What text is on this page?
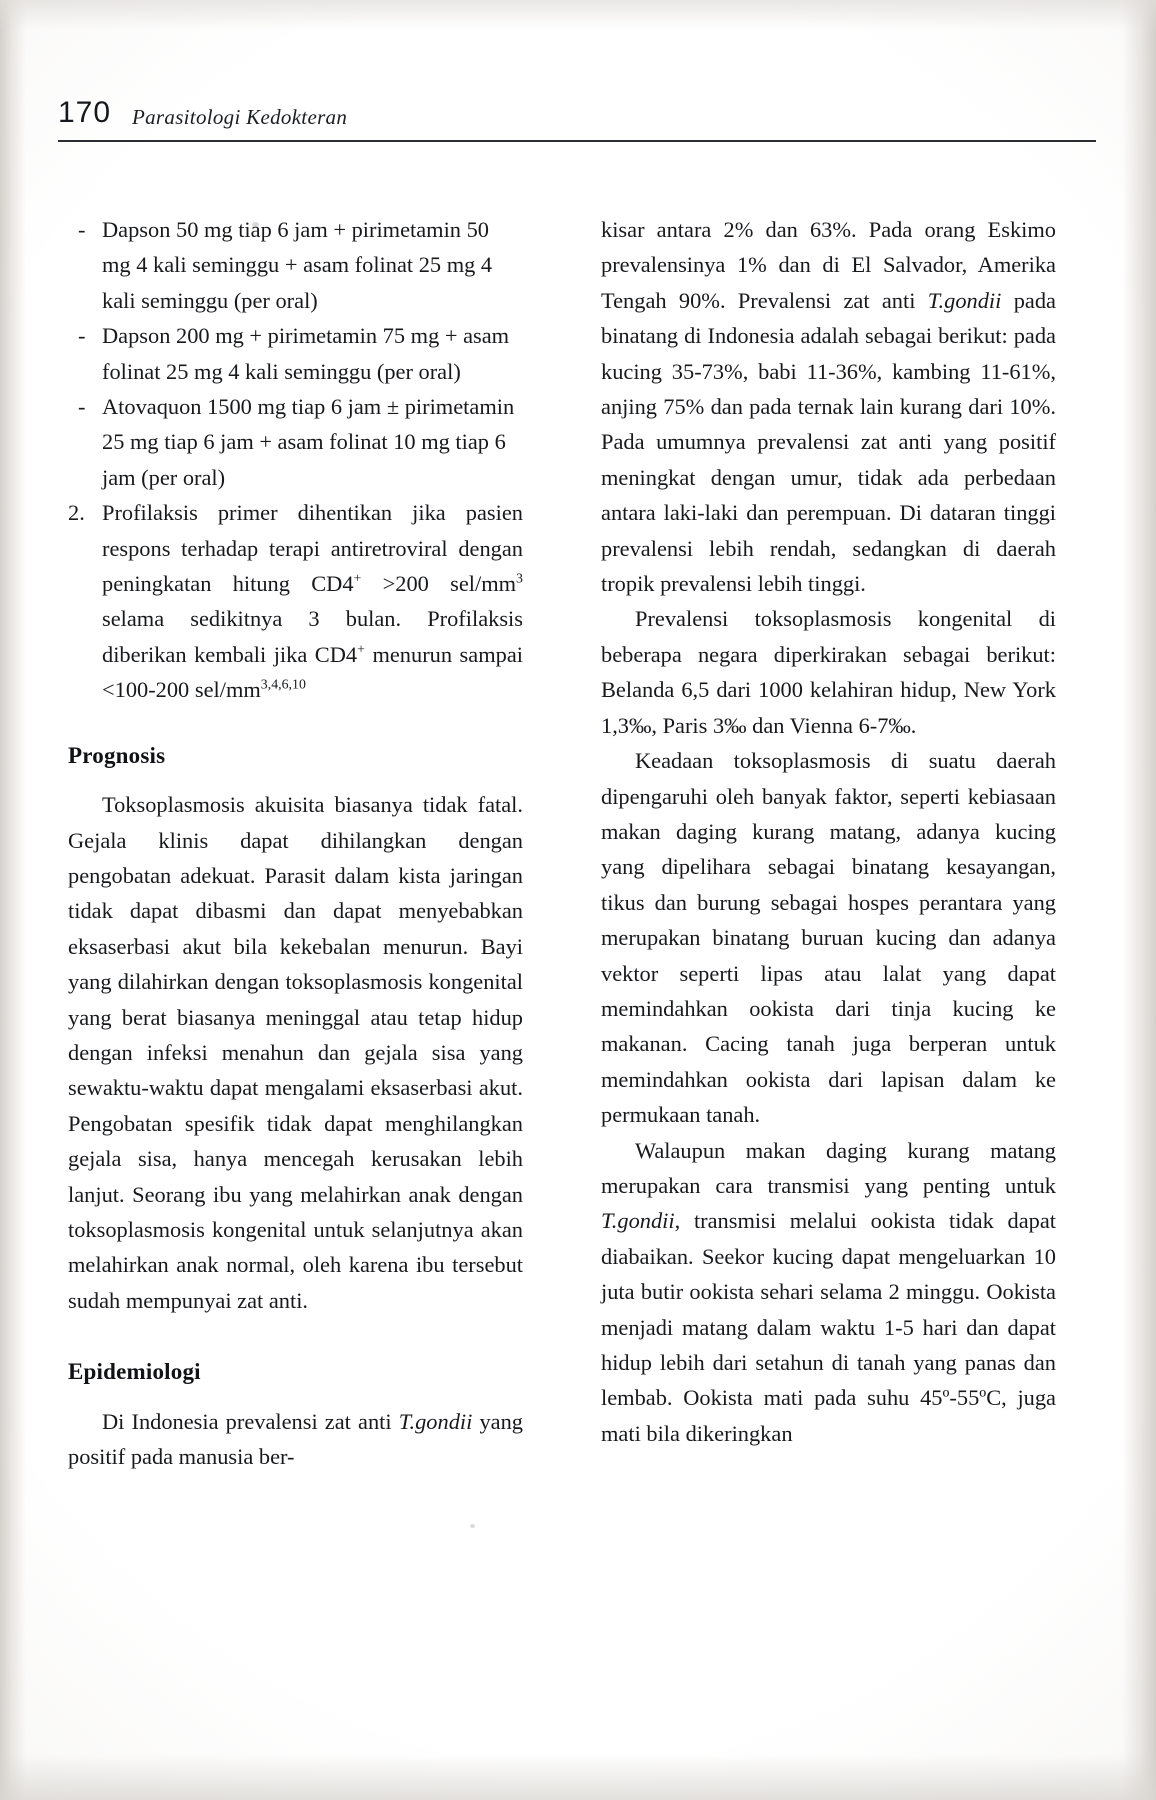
170 Parasitologi Kedokteran
- Dapson 50 mg tiap 6 jam + pirimetamin 50 mg 4 kali seminggu + asam folinat 25 mg 4 kali seminggu (per oral)
- Dapson 200 mg + pirimetamin 75 mg + asam folinat 25 mg 4 kali seminggu (per oral)
- Atovaquon 1500 mg tiap 6 jam ± pirimetamin 25 mg tiap 6 jam + asam folinat 10 mg tiap 6 jam (per oral)
2. Profilaksis primer dihentikan jika pasien respons terhadap terapi antiretroviral dengan peningkatan hitung CD4+ >200 sel/$mm^3$ selama sedikitnya 3 bulan. Profilaksis diberikan kembali jika CD4+ menurun sampai <100-200 sel/mm$^{3,4,6,10}$

Prognosis

Toksoplasmosis akuisita biasanya tidak fatal. Gejala klinis dapat dihilangkan dengan pengobatan adekuat. Parasit dalam kista jaringan tidak dapat dibasmi dan dapat menyebabkan eksaserbasi akut bila kekebalan menurun. Bayi yang dilahirkan dengan toksoplasmosis kongenital yang berat biasanya meninggal atau tetap hidup dengan infeksi menahun dan gejala sisa yang sewaktu-waktu dapat mengalami eksaserbasi akut. Pengobatan spesifik tidak dapat menghilangkan gejala sisa, hanya mencegah kerusakan lebih lanjut. Seorang ibu yang melahirkan anak dengan toksoplasmosis kongenital untuk selanjutnya akan melahirkan anak normal, oleh karena ibu tersebut sudah mempunyai zat anti.

Epidemiologi

Di Indonesia prevalensi zat anti T.gondii yang positif pada manusia ber-

kisar antara 2% dan 63%. Pada orang Eskimo prevalensinya 1% dan di El Salvador, Amerika Tengah 90%. Prevalensi zat anti T.gondii pada binatang di Indonesia adalah sebagai berikut: pada kucing 35-73%, babi 11-36%, kambing 11-61%, anjing 75% dan pada ternak lain kurang dari 10%. Pada umumnya prevalensi zat anti yang positif meningkat dengan umur, tidak ada perbedaan antara laki-laki dan perempuan. Di dataran tinggi prevalensi lebih rendah, sedangkan di daerah tropik prevalensi lebih tinggi.

Prevalensi toksoplasmosis kongenital di beberapa negara diperkirakan sebagai berikut: Belanda 6,5 dari 1000 kelahiran hidup, New York 1,3‰, Paris 3‰ dan Vienna 6-7‰.

Keadaan toksoplasmosis di suatu daerah dipengaruhi oleh banyak faktor, seperti kebiasaan makan daging kurang matang, adanya kucing yang dipelihara sebagai binatang kesayangan, tikus dan burung sebagai hospes perantara yang merupakan binatang buruan kucing dan adanya vektor seperti lipas atau lalat yang dapat memindahkan ookista dari tinja kucing ke makanan. Cacing tanah juga berperan untuk memindahkan ookista dari lapisan dalam ke permukaan tanah.

Walaupun makan daging kurang matang merupakan cara transmisi yang penting untuk T.gondii, transmisi melalui ookista tidak dapat diabaikan. Seekor kucing dapat mengeluarkan 10 juta butir ookista sehari selama 2 minggu. Ookista menjadi matang dalam waktu 1-5 hari dan dapat hidup lebih dari setahun di tanah yang panas dan lembab. Ookista mati pada suhu 45º-55ºC, juga mati bila dikeringkan
